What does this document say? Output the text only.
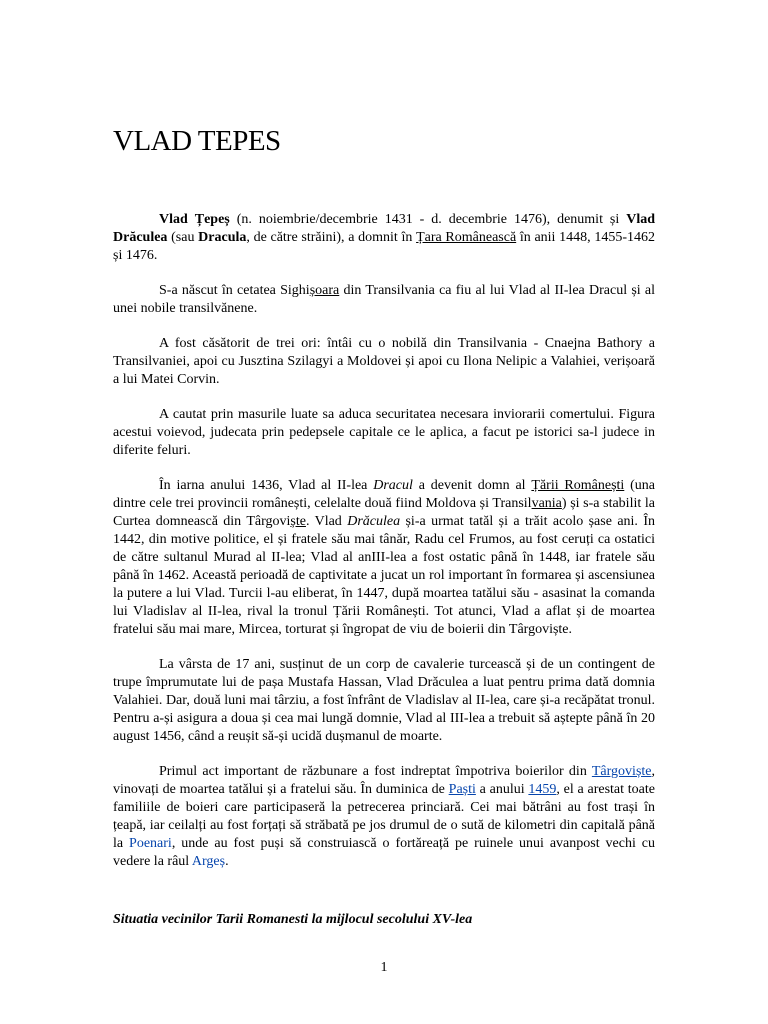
VLAD TEPES

Vlad Țepeș (n. noiembrie/decembrie 1431 - d. decembrie 1476), denumit și Vlad Drăculea (sau Dracula, de către străini), a domnit în Țara Românească în anii 1448, 1455-1462 și 1476.

S-a născut în cetatea Sighișoara din Transilvania ca fiu al lui Vlad al II-lea Dracul și al unei nobile transilvănene.

A fost căsătorit de trei ori: întâi cu o nobilă din Transilvania - Cnaejna Bathory a Transilvaniei, apoi cu Jusztina Szilagyi a Moldovei și apoi cu Ilona Nelipic a Valahiei, verișoară a lui Matei Corvin.

A cautat prin masurile luate sa aduca securitatea necesara inviorarii comertului. Figura acestui voievod, judecata prin pedepsele capitale ce le aplica, a facut pe istorici sa-l judece in diferite feluri.

În iarna anului 1436, Vlad al II-lea Dracul a devenit domn al Țării Românești (una dintre cele trei provincii românești, celelalte două fiind Moldova și Transilvania) și s-a stabilit la Curtea domnească din Târgoviște. Vlad Drăculea și-a urmat tatăl și a trăit acolo șase ani. În 1442, din motive politice, el și fratele său mai tânăr, Radu cel Frumos, au fost ceruți ca ostatici de către sultanul Murad al II-lea; Vlad al anIII-lea a fost ostatic până în 1448, iar fratele său până în 1462. Această perioadă de captivitate a jucat un rol important în formarea și ascensiunea la putere a lui Vlad. Turcii l-au eliberat, în 1447, după moartea tatălui său - asasinat la comanda lui Vladislav al II-lea, rival la tronul Țării Românești. Tot atunci, Vlad a aflat și de moartea fratelui său mai mare, Mircea, torturat și îngropat de viu de boierii din Târgoviște.

La vârsta de 17 ani, susținut de un corp de cavalerie turcească și de un contingent de trupe împrumutate lui de pașa Mustafa Hassan, Vlad Drăculea a luat pentru prima dată domnia Valahiei. Dar, două luni mai târziu, a fost înfrânt de Vladislav al II-lea, care și-a recăpătat tronul. Pentru a-și asigura a doua și cea mai lungă domnie, Vlad al III-lea a trebuit să aștepte până în 20 august 1456, când a reușit să-și ucidă dușmanul de moarte.

Primul act important de răzbunare a fost indreptat împotriva boierilor din Târgoviște, vinovați de moartea tatălui și a fratelui său. În duminica de Paști a anului 1459, el a arestat toate familiile de boieri care participaseră la petrecerea princiară. Cei mai bătrâni au fost trași în țeapă, iar ceilalți au fost forțați să străbată pe jos drumul de o sută de kilometri din capitală până la Poenari, unde au fost puși să construiască o fortăreață pe ruinele unui avanpost vechi cu vedere la râul Argeș.

Situatia vecinilor Tarii Romanesti la mijlocul secolului XV-lea
1
